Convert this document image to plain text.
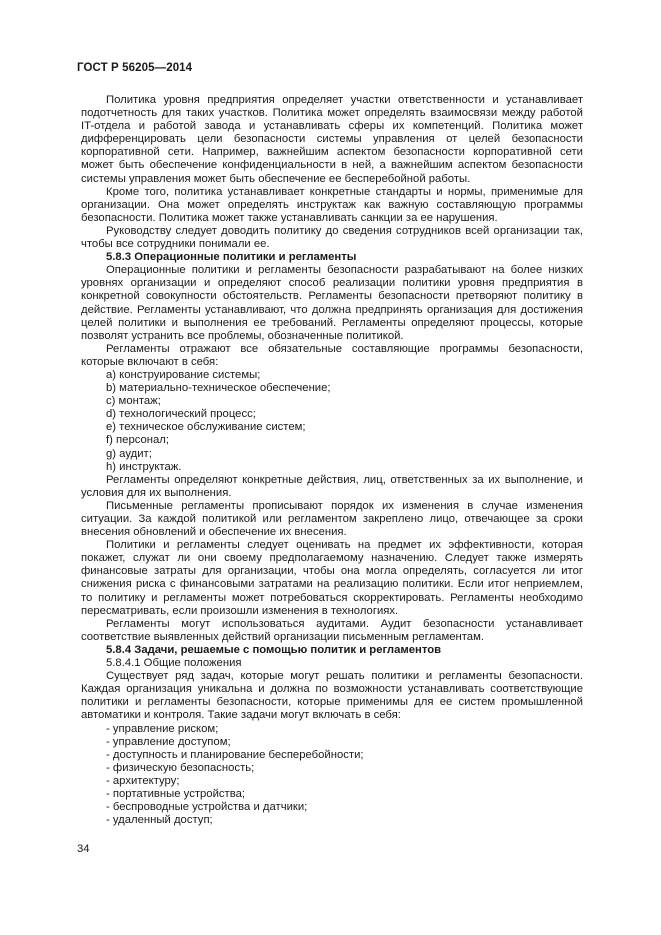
ГОСТ Р 56205—2014

Политика уровня предприятия определяет участки ответственности и устанавливает подотчетность для таких участков. Политика может определять взаимосвязи между работой IT-отдела и работой завода и устанавливать сферы их компетенций. Политика может дифференцировать цели безопасности системы управления от целей безопасности корпоративной сети. Например, важнейшим аспектом безопасности корпоративной сети может быть обеспечение конфиденциальности в ней, а важнейшим аспектом безопасности системы управления может быть обеспечение ее бесперебойной работы.

Кроме того, политика устанавливает конкретные стандарты и нормы, применимые для организации. Она может определять инструктаж как важную составляющую программы безопасности. Политика может также устанавливать санкции за ее нарушения.

Руководству следует доводить политику до сведения сотрудников всей организации так, чтобы все сотрудники понимали ее.

5.8.3 Операционные политики и регламенты

Операционные политики и регламенты безопасности разрабатывают на более низких уровнях организации и определяют способ реализации политики уровня предприятия в конкретной совокупности обстоятельств. Регламенты безопасности претворяют политику в действие. Регламенты устанавливают, что должна предпринять организация для достижения целей политики и выполнения ее требований. Регламенты определяют процессы, которые позволят устранить все проблемы, обозначенные политикой.

Регламенты отражают все обязательные составляющие программы безопасности, которые включают в себя:

a) конструирование системы;

b) материально-техническое обеспечение;

c) монтаж;

d) технологический процесс;

e) техническое обслуживание систем;

f) персонал;

g) аудит;

h) инструктаж.

Регламенты определяют конкретные действия, лиц, ответственных за их выполнение, и условия для их выполнения.

Письменные регламенты прописывают порядок их изменения в случае изменения ситуации. За каждой политикой или регламентом закреплено лицо, отвечающее за сроки внесения обновлений и обеспечение их внесения.

Политики и регламенты следует оценивать на предмет их эффективности, которая покажет, служат ли они своему предполагаемому назначению. Следует также измерять финансовые затраты для организации, чтобы она могла определять, согласуется ли итог снижения риска с финансовыми затратами на реализацию политики. Если итог неприемлем, то политику и регламенты может потребоваться скорректировать. Регламенты необходимо пересматривать, если произошли изменения в технологиях.

Регламенты могут использоваться аудитами. Аудит безопасности устанавливает соответствие выявленных действий организации письменным регламентам.

5.8.4 Задачи, решаемые с помощью политик и регламентов

5.8.4.1 Общие положения

Существует ряд задач, которые могут решать политики и регламенты безопасности. Каждая организация уникальна и должна по возможности устанавливать соответствующие политики и регламенты безопасности, которые применимы для ее систем промышленной автоматики и контроля. Такие задачи могут включать в себя:

- управление риском;

- управление доступом;

- доступность и планирование бесперебойности;

- физическую безопасность;

- архитектуру;

- портативные устройства;

- беспроводные устройства и датчики;

- удаленный доступ;

34
